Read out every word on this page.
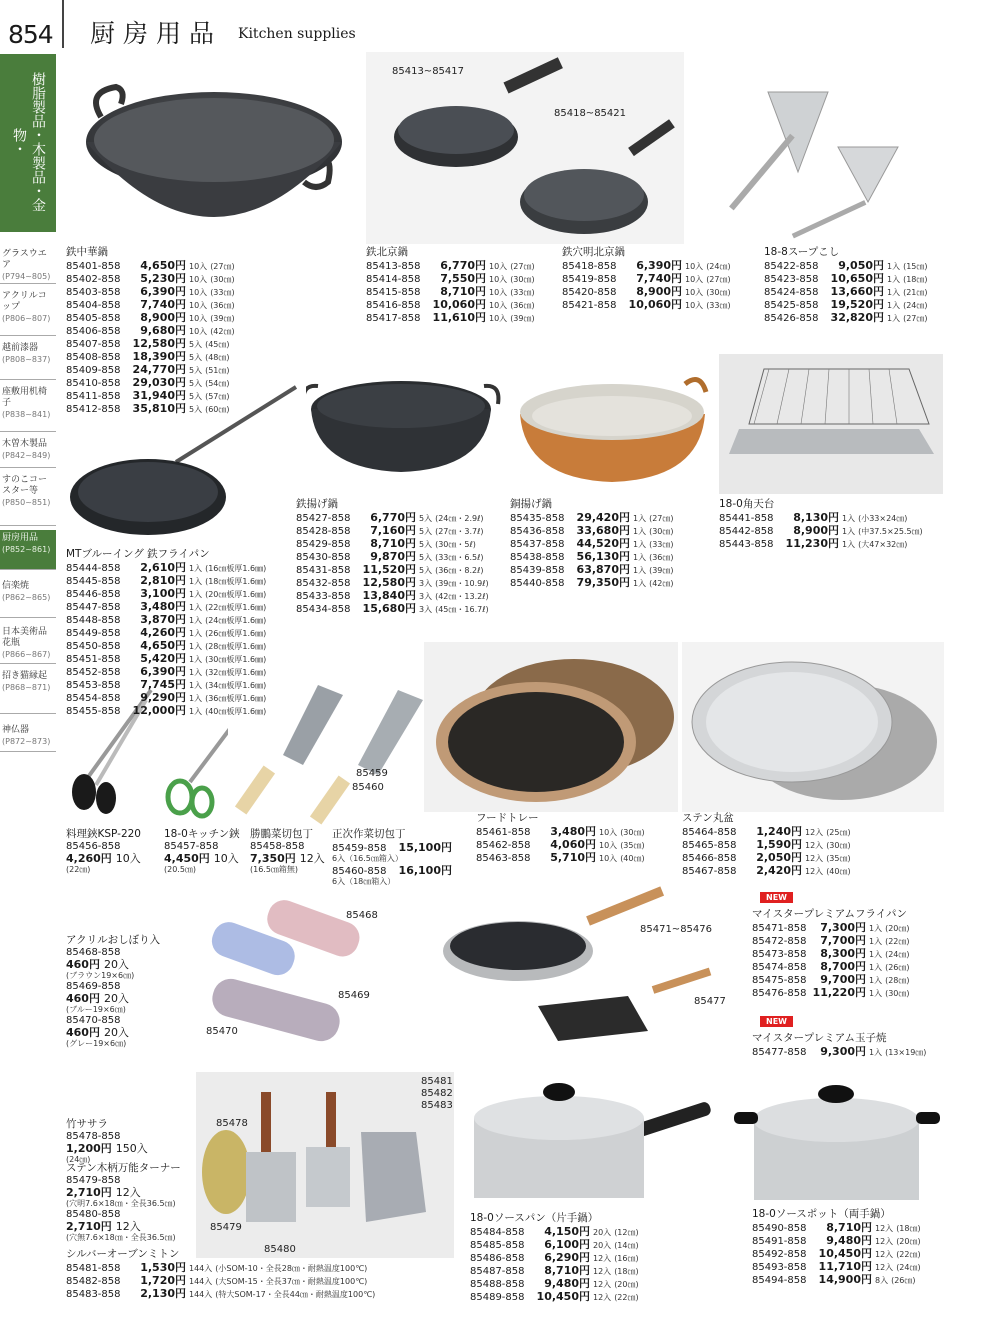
854 厨房用品 Kitchen supplies
樹脂製品・木製品・金物・
グラスウエア
(P794~805)
アクリルコップ
(P806~807)
越前漆器
(P808~837)
座敷用机椅子
(P838~841)
木曽木製品
(P842~849)
すのこコースター等
(P850~851)
厨房用品
(P852~861)
信楽焼
(P862~865)
日本美術品花瓶
(P866~867)
招き猫縁起
(P868~871)
神仏器
(P872~873)
85413~85417
85418~85421
85459
85460
85468
85469
85470
85471~85476
85477
85478
85479
85480
85481
85482
85483
鉄中華鍋
85401-858	4,650円 10入 (27㎝)
85402-858	5,230円 10入 (30㎝)
85403-858	6,390円 10入 (33㎝)
85404-858	7,740円 10入 (36㎝)
85405-858	8,900円 10入 (39㎝)
85406-858	9,680円 10入 (42㎝)
85407-858	12,580円 5入 (45㎝)
85408-858	18,390円 5入 (48㎝)
85409-858	24,770円 5入 (51㎝)
85410-858	29,030円 5入 (54㎝)
85411-858	31,940円 5入 (57㎝)
85412-858	35,810円 5入 (60㎝)
鉄北京鍋
85413-858	6,770円 10入 (27㎝)
85414-858	7,550円 10入 (30㎝)
85415-858	8,710円 10入 (33㎝)
85416-858	10,060円 10入 (36㎝)
85417-858	11,610円 10入 (39㎝)
鉄穴明北京鍋
85418-858	6,390円 10入 (24㎝)
85419-858	7,740円 10入 (27㎝)
85420-858	8,900円 10入 (30㎝)
85421-858	10,060円 10入 (33㎝)
18-8スープこし
85422-858	9,050円 1入 (15㎝)
85423-858	10,650円 1入 (18㎝)
85424-858	13,660円 1入 (21㎝)
85425-858	19,520円 1入 (24㎝)
85426-858	32,820円 1入 (27㎝)
鉄揚げ鍋
85427-858	6,770円 5入 (24㎝・2.9ℓ)
85428-858	7,160円 5入 (27㎝・3.7ℓ)
85429-858	8,710円 5入 (30㎝・5ℓ)
85430-858	9,870円 5入 (33㎝・6.5ℓ)
85431-858	11,520円 5入 (36㎝・8.2ℓ)
85432-858	12,580円 3入 (39㎝・10.9ℓ)
85433-858	13,840円 3入 (42㎝・13.2ℓ)
85434-858	15,680円 3入 (45㎝・16.7ℓ)
銅揚げ鍋
85435-858	29,420円 1入 (27㎝)
85436-858	33,680円 1入 (30㎝)
85437-858	44,520円 1入 (33㎝)
85438-858	56,130円 1入 (36㎝)
85439-858	63,870円 1入 (39㎝)
85440-858	79,350円 1入 (42㎝)
18-0角天台
85441-858	8,130円 1入 (小33×24㎝)
85442-858	8,900円 1入 (中37.5×25.5㎝)
85443-858	11,230円 1入 (大47×32㎝)
MTブルーイング 鉄フライパン
85444-858	2,610円 1入 (16㎝板厚1.6㎜)
85445-858	2,810円 1入 (18㎝板厚1.6㎜)
85446-858	3,100円 1入 (20㎝板厚1.6㎜)
85447-858	3,480円 1入 (22㎝板厚1.6㎜)
85448-858	3,870円 1入 (24㎝板厚1.6㎜)
85449-858	4,260円 1入 (26㎝板厚1.6㎜)
85450-858	4,650円 1入 (28㎝板厚1.6㎜)
85451-858	5,420円 1入 (30㎝板厚1.6㎜)
85452-858	6,390円 1入 (32㎝板厚1.6㎜)
85453-858	7,745円 1入 (34㎝板厚1.6㎜)
85454-858	9,290円 1入 (36㎝板厚1.6㎜)
85455-858	12,000円 1入 (40㎝板厚1.6㎜)
フードトレー
85461-858	3,480円 10入 (30㎝)
85462-858	4,060円 10入 (35㎝)
85463-858	5,710円 10入 (40㎝)
ステン丸盆
85464-858	1,240円 12入 (25㎝)
85465-858	1,590円 12入 (30㎝)
85466-858	2,050円 12入 (35㎝)
85467-858	2,420円 12入 (40㎝)
18-0ソースパン（片手鍋）
85484-858	4,150円 20入 (12㎝)
85485-858	6,100円 20入 (14㎝)
85486-858	6,290円 12入 (16㎝)
85487-858	8,710円 12入 (18㎝)
85488-858	9,480円 12入 (20㎝)
85489-858	10,450円 12入 (22㎝)
18-0ソースポット（両手鍋）
85490-858	8,710円 12入 (18㎝)
85491-858	9,480円 12入 (20㎝)
85492-858	10,450円 12入 (22㎝)
85493-858	11,710円 12入 (24㎝)
85494-858	14,900円 8入 (26㎝)
シルバーオーブンミトン
85481-858	1,530円 144入 (小SOM-10・全長28㎝・耐熱温度100℃)
85482-858	1,720円 144入 (大SOM-15・全長37㎝・耐熱温度100℃)
85483-858	2,130円 144入 (特大SOM-17・全長44㎝・耐熱温度100℃)
料理鋏KSP-220
85456-858
4,260円 10入
(22㎝)
18-0キッチン鋏
85457-858
4,450円 10入
(20.5㎝)
勝鵬菜切包丁
85458-858
7,350円 12入
(16.5㎝箱無)
竹ササラ
85478-858
1,200円 150入
(24㎝)
正次作菜切包丁
85459-858	15,100円
6入（16.5㎝箱入）
85460-858	16,100円
6入（18㎝箱入）
アクリルおしぼり入
85468-858
460円 20入
(ブラウン19×6㎝)
85469-858
460円 20入
(ブルー19×6㎝)
85470-858
460円 20入
(グレー19×6㎝)
ステン木柄万能ターナー
85479-858
2,710円 12入
(穴明7.6×18㎝・全長36.5㎝)
85480-858
2,710円 12入
(穴無7.6×18㎝・全長36.5㎝)
NEW
マイスタープレミアムフライパン
85471-858	7,300円 1入 (20㎝)
85472-858	7,700円 1入 (22㎝)
85473-858	8,300円 1入 (24㎝)
85474-858	8,700円 1入 (26㎝)
85475-858	9,700円 1入 (28㎝)
85476-858 11,220円 1入 (30㎝)
NEW
マイスタープレミアム玉子焼
85477-858	9,300円 1入 (13×19㎝)
